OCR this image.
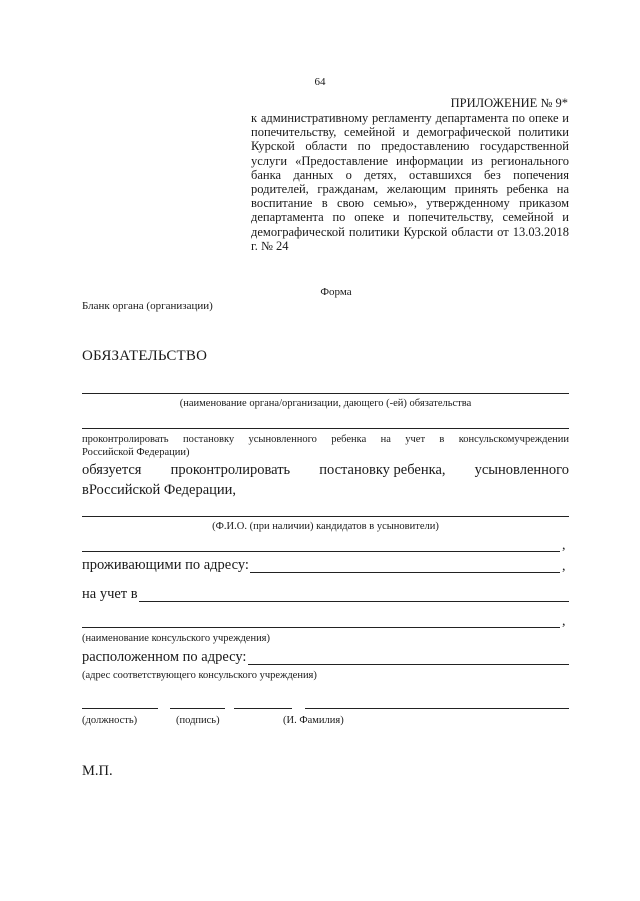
64
ПРИЛОЖЕНИЕ № 9*
к административному регламенту департамента по опеке и попечительству, семейной и демографической политики Курской области по предоставлению государственной услуги «Предоставление информации из регионального банка данных о детях, оставшихся без попечения родителей, гражданам, желающим принять ребенка на воспитание в свою семью», утвержденному приказом департамента по опеке и попечительству, семейной и демографической политики Курской области от 13.03.2018 г. № 24
Форма
Бланк органа (организации)
ОБЯЗАТЕЛЬСТВО
(наименование органа/организации, дающего (-ей) обязательства
проконтролировать постановку усыновленного ребенка на учет в консульскомучреждении
Российской Федерации)
обязуется проконтролировать постановку ребенка, усыновленного
вРоссийской Федерации,
(Ф.И.О. (при наличии) кандидатов в усыновители)
,
проживающими по адресу:	,
на учет в
,
(наименование консульского учреждения)
расположенном по адресу:
(адрес соответствующего консульского учреждения)
(должность)	(подпись)	(И. Фамилия)
М.П.
